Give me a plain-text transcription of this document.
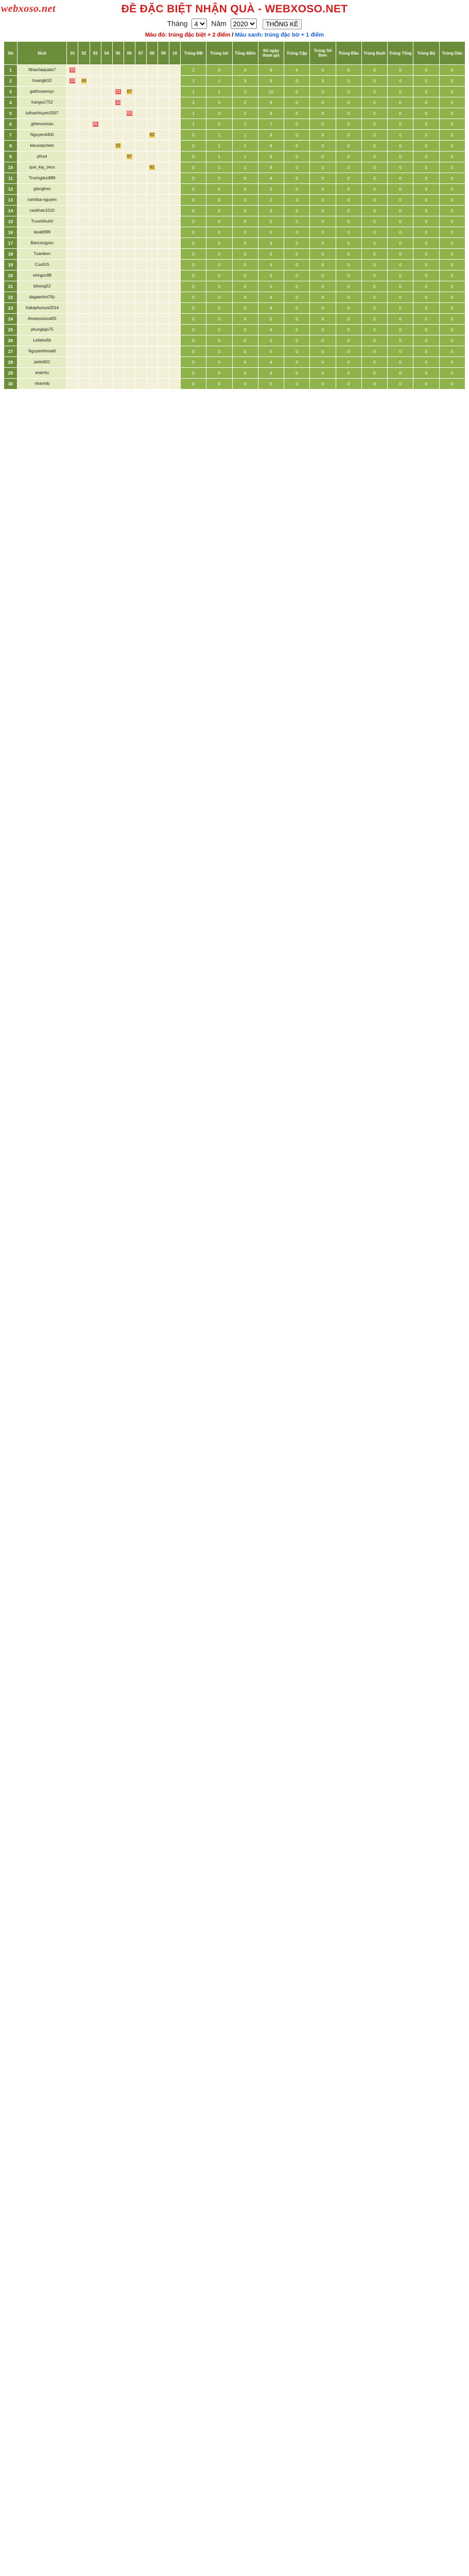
webxoso.net	ĐỀ ĐẶC BIỆT NHẬN QUÀ - WEBXOSO.NET
Tháng
4	Năm
2020	THỐNG KÊ
Màu đỏ: trúng đặc biệt + 2 điểm / Màu xanh: trúng đặc bờ + 1 điểm
Stt	Nick	01	02	03	04	05	06	07	08	09	10	Trúng ĐB	Trúng bờ	Tổng điểm	Số ngày tham gia	Trúng Cặp	Trúng Số Đơn	Trúng Đầu	Trúng Đuôi	Trúng Tổng	Trúng Bộ	Trúng Dàn
1	Nhachaqualw7	31										2	0	4	9	4	0	0	0	0	0	0
2	hoangbi10	23	44									1	1	3	9	0	3	0	0	0	0	0
3	gaithoxenoyc					21	67					1	1	3	10	0	3	0	0	0	0	0
4	trangw1752					11						1	0	2	8	0	0	0	0	0	0	0
5	luthanhtuyen2007						83					1	0	2	9	0	0	0	0	0	0	0
6	ghiencomau			05								1	0	2	7	0	0	0	0	0	0	0
7	Nguyen4400								62			0	1	1	9	0	0	0	0	0	0	0
8	kieuxepchien					22						0	1	1	8	0	0	0	0	0	0	0
9	phuoi						67					0	1	1	9	0	0	0	0	0	0	0
10	que_kaj_zeco								81			0	1	1	8	0	0	0	0	0	0	0
11	Truongduc888											0	0	0	4	0	0	0	0	0	0	0
12	giangtreo											0	0	0	2	0	0	0	0	0	0	0
13	namlisa-nguyen											0	0	0	2	0	0	0	0	0	0	0
14	caokhan1010											0	0	0	3	0	0	0	0	0	0	0
15	Truonhhuh0											0	0	0	5	0	0	0	0	0	0	0
16	lasab999											0	0	0	5	0	0	0	0	0	0	0
17	Bancongyeu											0	0	0	4	0	0	0	0	0	0	0
18	Tuaniken											0	0	0	5	0	0	0	0	0	0	0
19	Cuu615											0	0	0	4	0	0	0	0	0	0	0
20	vinhgoc88											0	0	0	5	0	0	0	0	0	0	0
21	bthong52											0	0	0	5	0	0	0	0	0	0	0
22	dagaanhoi76z											0	0	0	4	0	0	0	0	0	0	0
23	Xakaphunuoi2014											0	0	0	4	0	0	0	0	0	0	0
24	Anseaxxixcal55											0	0	0	5	0	0	0	0	0	0	0
25	phungiajo75											0	0	0	4	0	0	0	0	0	0	0
26	Leilaha5b											0	0	0	5	0	0	0	0	0	0	0
27	Nguyenthimai0											0	0	0	5	0	0	0	0	0	0	0
28	jaxkoli01											0	0	0	4	0	0	0	0	0	0	0
29	anamtu											0	0	0	4	0	0	0	0	0	0	0
30	nhanmb											0	0	0	5	0	0	0	0	0	0	0
